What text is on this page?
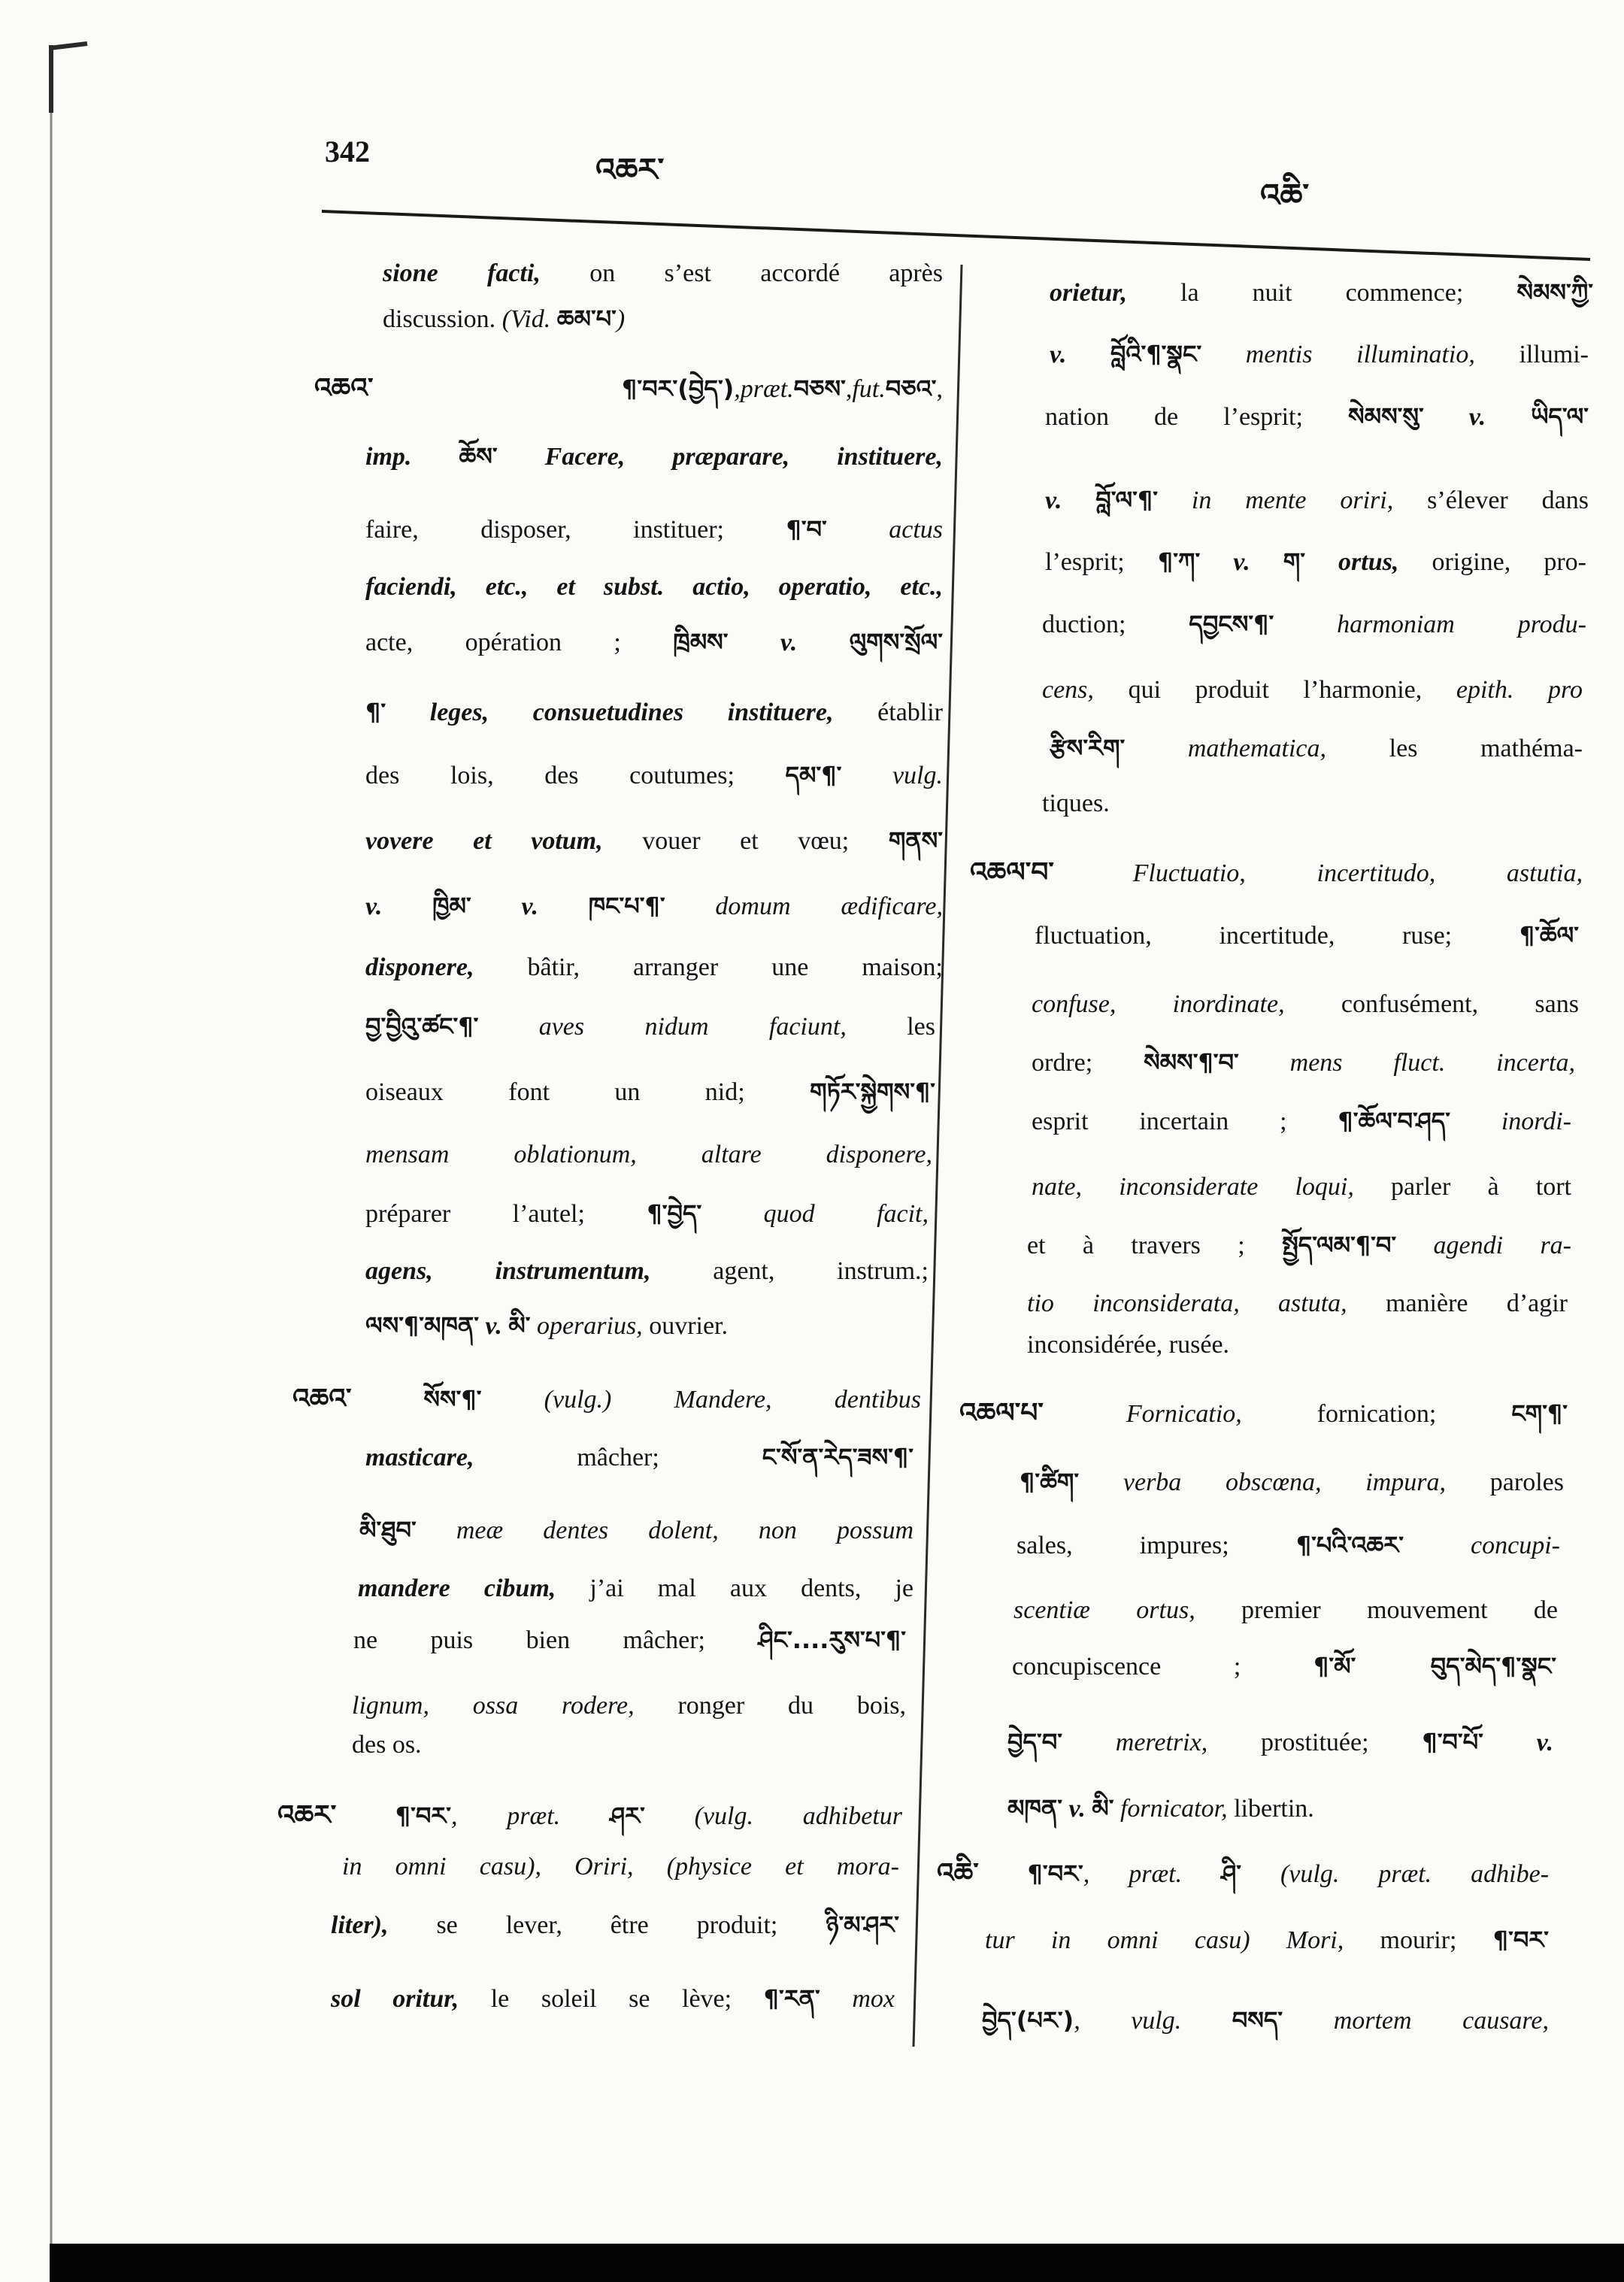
342	འཆར་
འཆི་
sione facti, on s’est accordé après
discussion. (Vid. ཆམ་པ་)
འཆའ་ ¶་བར་(བྱེད་),præt.བཅས་,fut.བཅའ་,
imp. ཆོས་ Facere, præparare, instituere,
faire, disposer, instituer; ¶་བ་ actus
faciendi, etc., et subst. actio, operatio, etc.,
acte, opération ; ཁྲིམས་ v. ལུགས་སྲོལ་
¶་ leges, consuetudines instituere, établir
des lois, des coutumes; དམ་¶་ vulg.
vovere et votum, vouer et vœu; གནས་
v. ཁྱིམ་ v. ཁང་པ་¶་ domum ædificare,
disponere, bâtir, arranger une maison;
བྱ་བྱིའུ་ཚང་¶་ aves nidum faciunt, les
oiseaux font un nid; གཏོར་སྐྱེགས་¶་
mensam oblationum, altare disponere,
préparer l’autel; ¶་བྱེད་ quod facit,
agens, instrumentum, agent, instrum.;
ལས་¶་མཁན་ v. མི་ operarius, ouvrier.
འཆའ་ སོས་¶་ (vulg.) Mandere, dentibus
masticare, mâcher; ང་སོ་ན་རེད་ཟས་¶་
མི་ཐུབ་ meæ dentes dolent, non possum
mandere cibum, j’ai mal aux dents, je
ne puis bien mâcher; ཤིང་....རུས་པ་¶་
lignum, ossa rodere, ronger du bois,
des os.
འཆར་ ¶་བར་, præt. ཤར་ (vulg. adhibetur
in omni casu), Oriri, (physice et mora-
liter), se lever, être produit; ཉི་མ་ཤར་
sol oritur, le soleil se lève; ¶་རན་ mox
orietur, la nuit commence; སེམས་ཀྱི་
v. བློའི་¶་སྣང་ mentis illuminatio, illumi-
nation de l’esprit; སེམས་སུ་ v. ཡིད་ལ་
v. བློ་ལ་¶་ in mente oriri, s’élever dans
l’esprit; ¶་ཀ་ v. ག་ ortus, origine, pro-
duction; དབྱངས་¶་ harmoniam produ-
cens, qui produit l’harmonie, epith. pro
རྩིས་རིག་ mathematica, les mathéma-
tiques.
འཆལ་བ་ Fluctuatio, incertitudo, astutia,
fluctuation, incertitude, ruse; ¶་ཆོལ་
confuse, inordinate, confusément, sans
ordre; སེམས་¶་བ་ mens fluct. incerta,
esprit incertain ; ¶་ཆོལ་བ་ཤད་ inordi-
nate, inconsiderate loqui, parler à tort
et à travers ; སྤྱོད་ལམ་¶་བ་ agendi ra-
tio inconsiderata, astuta, manière d’agir
inconsidérée, rusée.
འཆལ་པ་ Fornicatio, fornication; ངག་¶་
¶་ཚིག་ verba obscœna, impura, paroles
sales, impures; ¶་པའི་འཆར་ concupi-
scentiæ ortus, premier mouvement de
concupiscence ; ¶་མོ་ བུད་མེད་¶་སྣང་
བྱེད་བ་ meretrix, prostituée; ¶་བ་པོ་ v.
མཁན་ v. མི་ fornicator, libertin.
འཆི་ ¶་བར་, præt. ཤི་ (vulg. præt. adhibe-
tur in omni casu) Mori, mourir; ¶་བར་
བྱེད་(པར་), vulg. བསད་ mortem causare,
